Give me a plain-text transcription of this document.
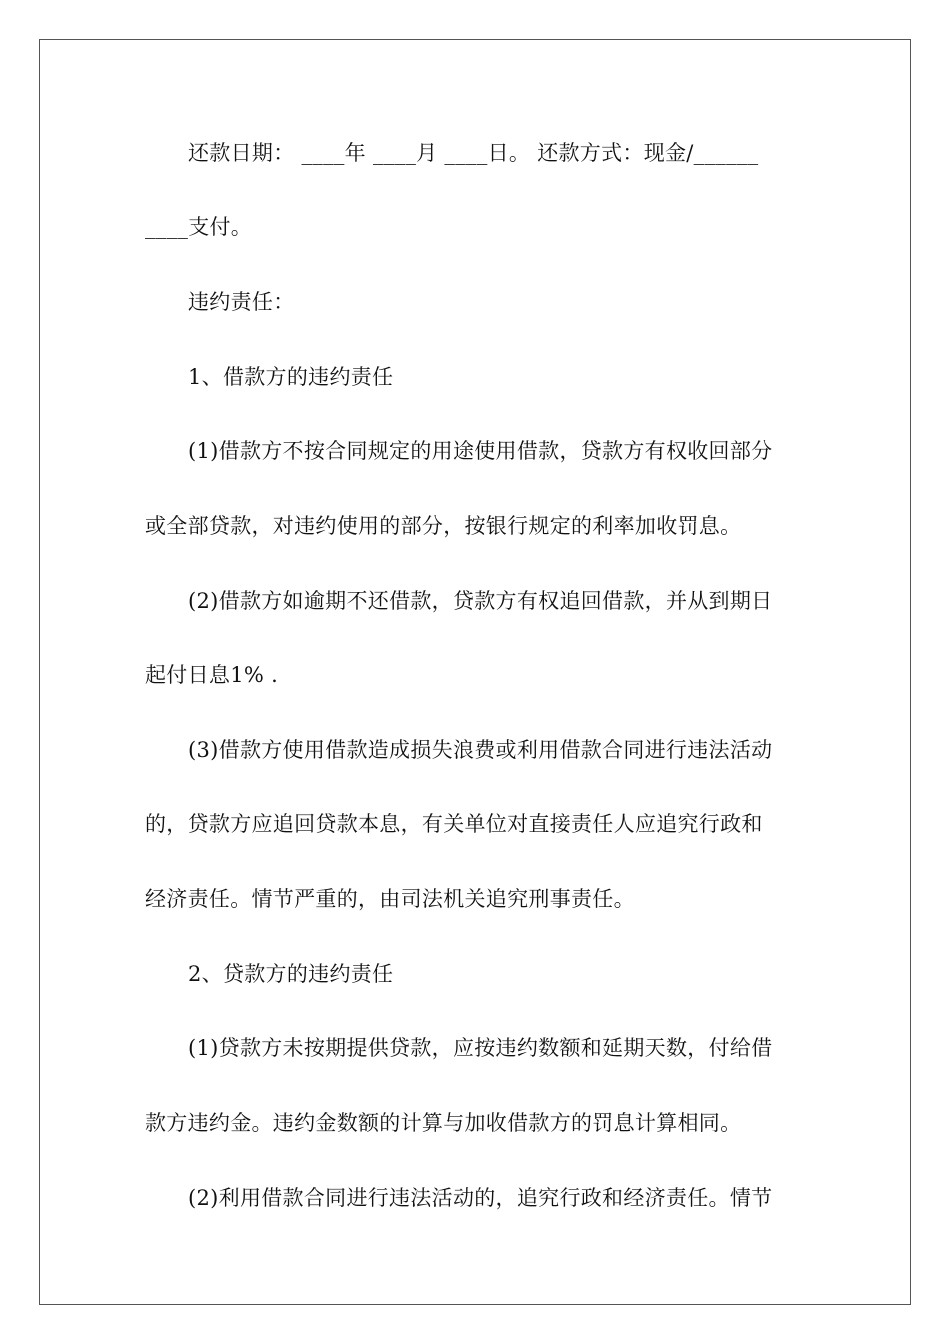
还款日期： ____年 ____月 ____日。 还款方式：现金/______
____支付。
违约责任：
1、借款方的违约责任
(1)借款方不按合同规定的用途使用借款，贷款方有权收回部分
或全部贷款，对违约使用的部分，按银行规定的利率加收罚息。
(2)借款方如逾期不还借款，贷款方有权追回借款，并从到期日
起付日息1% .
(3)借款方使用借款造成损失浪费或利用借款合同进行违法活动
的，贷款方应追回贷款本息，有关单位对直接责任人应追究行政和
经济责任。情节严重的，由司法机关追究刑事责任。
2、贷款方的违约责任
(1)贷款方未按期提供贷款，应按违约数额和延期天数，付给借
款方违约金。违约金数额的计算与加收借款方的罚息计算相同。
(2)利用借款合同进行违法活动的，追究行政和经济责任。情节
